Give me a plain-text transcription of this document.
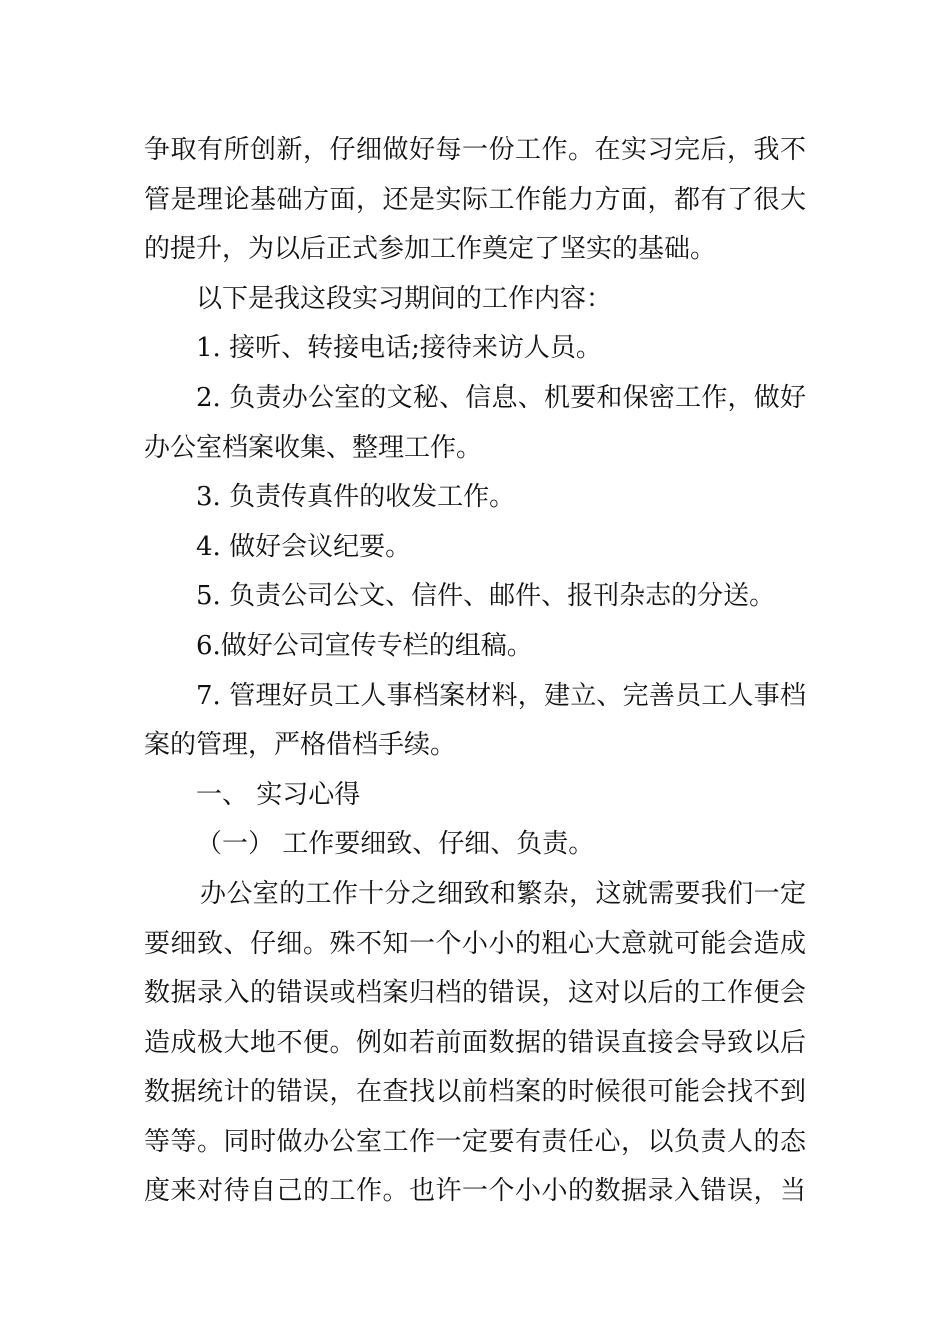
争取有所创新，仔细做好每一份工作。在实习完后，我不
管是理论基础方面，还是实际工作能力方面，都有了很大
的提升，为以后正式参加工作奠定了坚实的基础。
以下是我这段实习期间的工作内容：
1. 接听、转接电话;接待来访人员。
2. 负责办公室的文秘、信息、机要和保密工作，做好
办公室档案收集、整理工作。
3. 负责传真件的收发工作。
4. 做好会议纪要。
5. 负责公司公文、信件、邮件、报刊杂志的分送。
6.做好公司宣传专栏的组稿。
7. 管理好员工人事档案材料，建立、完善员工人事档
案的管理，严格借档手续。
一、 实习心得
（一） 工作要细致、仔细、负责。
办公室的工作十分之细致和繁杂，这就需要我们一定
要细致、仔细。殊不知一个小小的粗心大意就可能会造成
数据录入的错误或档案归档的错误，这对以后的工作便会
造成极大地不便。例如若前面数据的错误直接会导致以后
数据统计的错误，在查找以前档案的时候很可能会找不到
等等。同时做办公室工作一定要有责任心，以负责人的态
度来对待自己的工作。也许一个小小的数据录入错误，当
